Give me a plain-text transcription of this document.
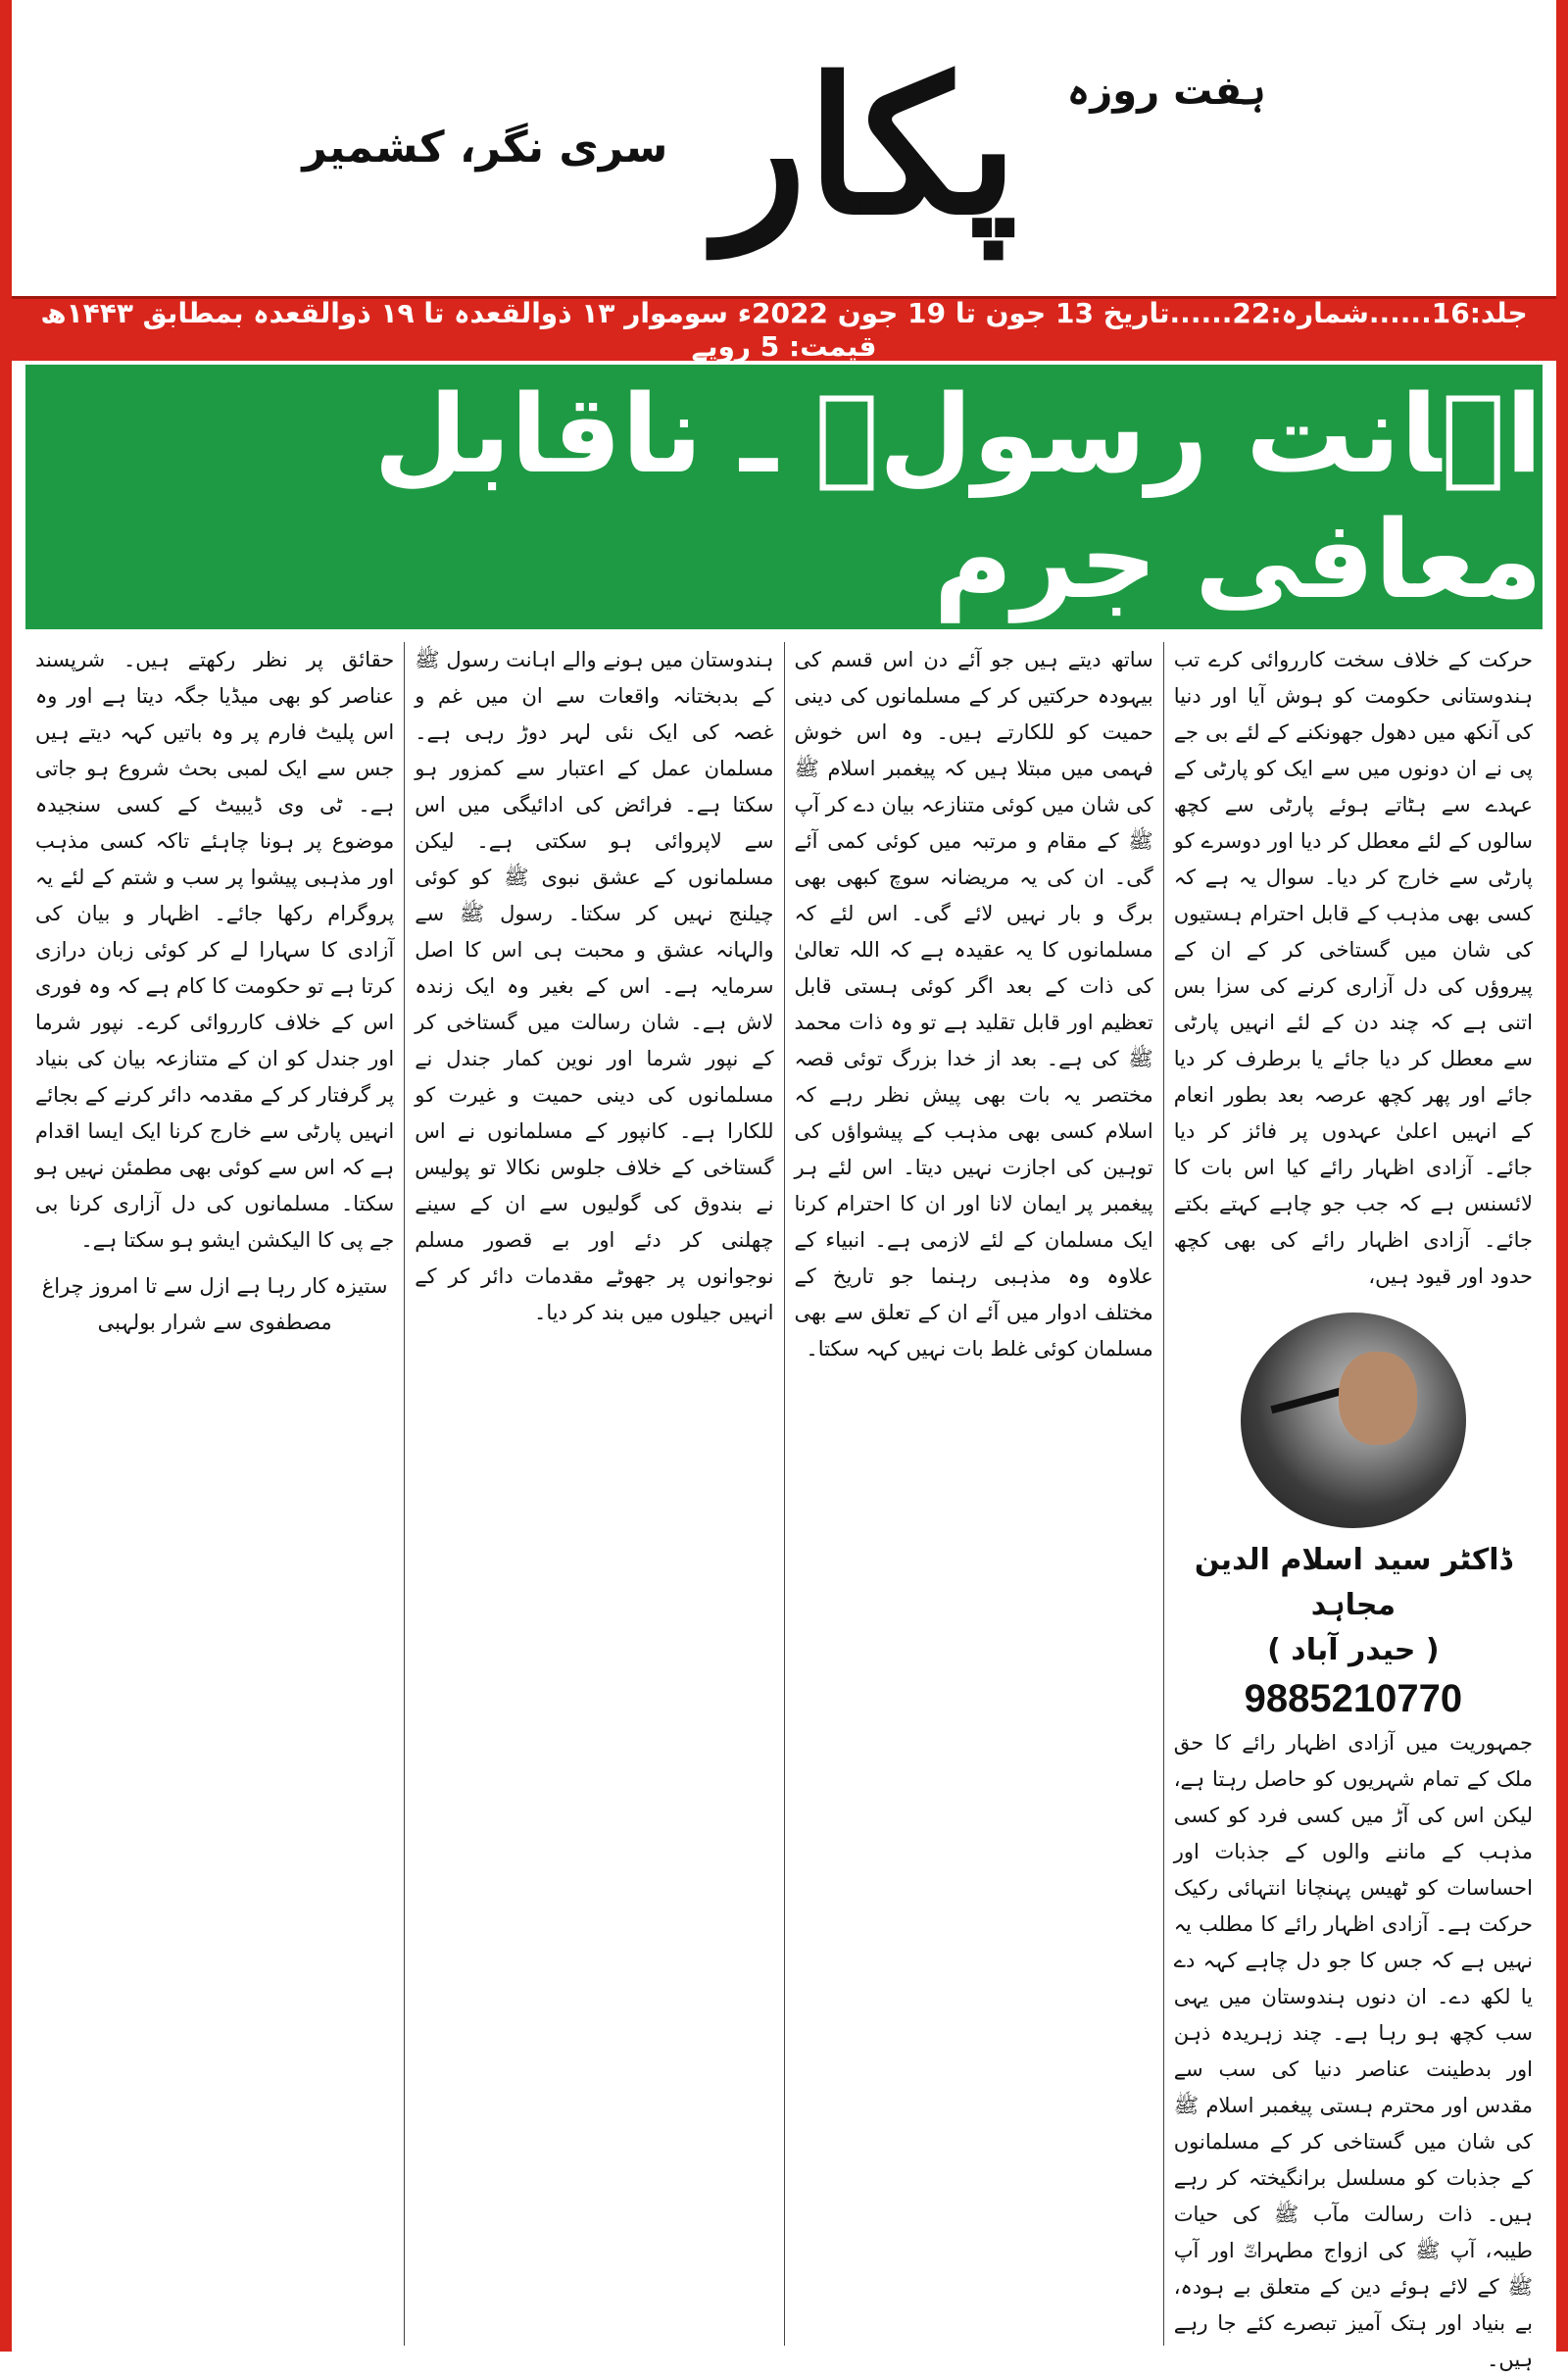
سری نگر، کشمیر پکار ہفت روزہ
جلد:16......شمارہ:22......تاریخ 13 جون تا 19 جون 2022ء سوموار ۱۳ ذوالقعدہ تا ۱۹ ذوالقعدہ بمطابق ۱۴۴۳ھ قیمت: 5 روپے
اہانت رسولؐ ـ ناقابل معافی جرم

حرکت کے خلاف سخت کارروائی کرے تب ہندوستانی حکومت کو ہوش آیا اور دنیا کی آنکھ میں دھول جھونکنے کے لئے بی جے پی نے ان دونوں میں سے ایک کو پارٹی کے عہدے سے ہٹاتے ہوئے پارٹی سے کچھ سالوں کے لئے معطل کر دیا اور دوسرے کو پارٹی سے خارج کر دیا۔ سوال یہ ہے کہ کسی بھی مذہب کے قابل احترام ہستیوں کی شان میں گستاخی کر کے ان کے پیروؤں کی دل آزاری کرنے کی سزا بس اتنی ہے کہ چند دن کے لئے انہیں پارٹی سے معطل کر دیا جائے یا برطرف کر دیا جائے اور پھر کچھ عرصہ بعد بطور انعام کے انہیں اعلیٰ عہدوں پر فائز کر دیا جائے۔ آزادی اظہار رائے کیا اس بات کا لائسنس ہے کہ جب جو چاہے کہتے بکتے جائے۔ آزادی اظہار رائے کی بھی کچھ حدود اور قیود ہیں،

ڈاکٹر سید اسلام الدین مجاہد
( حیدر آباد )
9885210770

جمہوریت میں آزادی اظہار رائے کا حق ملک کے تمام شہریوں کو حاصل رہتا ہے، لیکن اس کی آڑ میں کسی فرد کو کسی مذہب کے ماننے والوں کے جذبات اور احساسات کو ٹھیس پہنچانا انتہائی رکیک حرکت ہے۔ آزادی اظہار رائے کا مطلب یہ نہیں ہے کہ جس کا جو دل چاہے کہہ دے یا لکھ دے۔ ان دنوں ہندوستان میں یہی سب کچھ ہو رہا ہے۔ چند زہریدہ ذہن اور بدطینت عناصر دنیا کی سب سے مقدس اور محترم ہستی پیغمبر اسلام ﷺ کی شان میں گستاخی کر کے مسلمانوں کے جذبات کو مسلسل برانگیختہ کر رہے ہیں۔ ذات رسالت مآب ﷺ کی حیات طیبہ، آپ ﷺ کی ازواج مطہراتؓ اور آپ ﷺ کے لائے ہوئے دین کے متعلق بے ہودہ، بے بنیاد اور ہتک آمیز تبصرے کئے جا رہے ہیں۔

ساتھ دیتے ہیں جو آئے دن اس قسم کی بیہودہ حرکتیں کر کے مسلمانوں کی دینی حمیت کو للکارتے ہیں۔ وہ اس خوش فہمی میں مبتلا ہیں کہ پیغمبر اسلام ﷺ کی شان میں کوئی متنازعہ بیان دے کر آپ ﷺ کے مقام و مرتبہ میں کوئی کمی آئے گی۔ ان کی یہ مریضانہ سوچ کبھی بھی برگ و بار نہیں لائے گی۔ اس لئے کہ مسلمانوں کا یہ عقیدہ ہے کہ اللہ تعالیٰ کی ذات کے بعد اگر کوئی ہستی قابل تعظیم اور قابل تقلید ہے تو وہ ذات محمد ﷺ کی ہے۔ بعد از خدا بزرگ توئی قصہ مختصر یہ بات بھی پیش نظر رہے کہ اسلام کسی بھی مذہب کے پیشواؤں کی توہین کی اجازت نہیں دیتا۔ اس لئے ہر پیغمبر پر ایمان لانا اور ان کا احترام کرنا ایک مسلمان کے لئے لازمی ہے۔ انبیاء کے علاوہ وہ مذہبی رہنما جو تاریخ کے مختلف ادوار میں آئے ان کے تعلق سے بھی مسلمان کوئی غلط بات نہیں کہہ سکتا۔

ہندوستان میں ہونے والے اہانت رسول ﷺ کے بدبختانہ واقعات سے ان میں غم و غصہ کی ایک نئی لہر دوڑ رہی ہے۔ مسلمان عمل کے اعتبار سے کمزور ہو سکتا ہے۔ فرائض کی ادائیگی میں اس سے لاپروائی ہو سکتی ہے۔ لیکن مسلمانوں کے عشق نبوی ﷺ کو کوئی چیلنج نہیں کر سکتا۔ رسول ﷺ سے والہانہ عشق و محبت ہی اس کا اصل سرمایہ ہے۔ اس کے بغیر وہ ایک زندہ لاش ہے۔ شان رسالت میں گستاخی کر کے نپور شرما اور نوین کمار جندل نے مسلمانوں کی دینی حمیت و غیرت کو للکارا ہے۔ کانپور کے مسلمانوں نے اس گستاخی کے خلاف جلوس نکالا تو پولیس نے بندوق کی گولیوں سے ان کے سینے چھلنی کر دئے اور بے قصور مسلم نوجوانوں پر جھوٹے مقدمات دائر کر کے انہیں جیلوں میں بند کر دیا۔

حقائق پر نظر رکھتے ہیں۔ شرپسند عناصر کو بھی میڈیا جگہ دیتا ہے اور وہ اس پلیٹ فارم پر وہ باتیں کہہ دیتے ہیں جس سے ایک لمبی بحث شروع ہو جاتی ہے۔ ٹی وی ڈیبیٹ کے کسی سنجیدہ موضوع پر ہونا چاہئے تاکہ کسی مذہب اور مذہبی پیشوا پر سب و شتم کے لئے یہ پروگرام رکھا جائے۔ اظہار و بیان کی آزادی کا سہارا لے کر کوئی زبان درازی کرتا ہے تو حکومت کا کام ہے کہ وہ فوری اس کے خلاف کارروائی کرے۔ نپور شرما اور جندل کو ان کے متنازعہ بیان کی بنیاد پر گرفتار کر کے مقدمہ دائر کرنے کے بجائے انہیں پارٹی سے خارج کرنا ایک ایسا اقدام ہے کہ اس سے کوئی بھی مطمئن نہیں ہو سکتا۔ مسلمانوں کی دل آزاری کرنا بی جے پی کا الیکشن ایشو ہو سکتا ہے۔

ستیزہ کار رہا ہے ازل سے تا امروز چراغ مصطفوی سے شرار بولہبی
